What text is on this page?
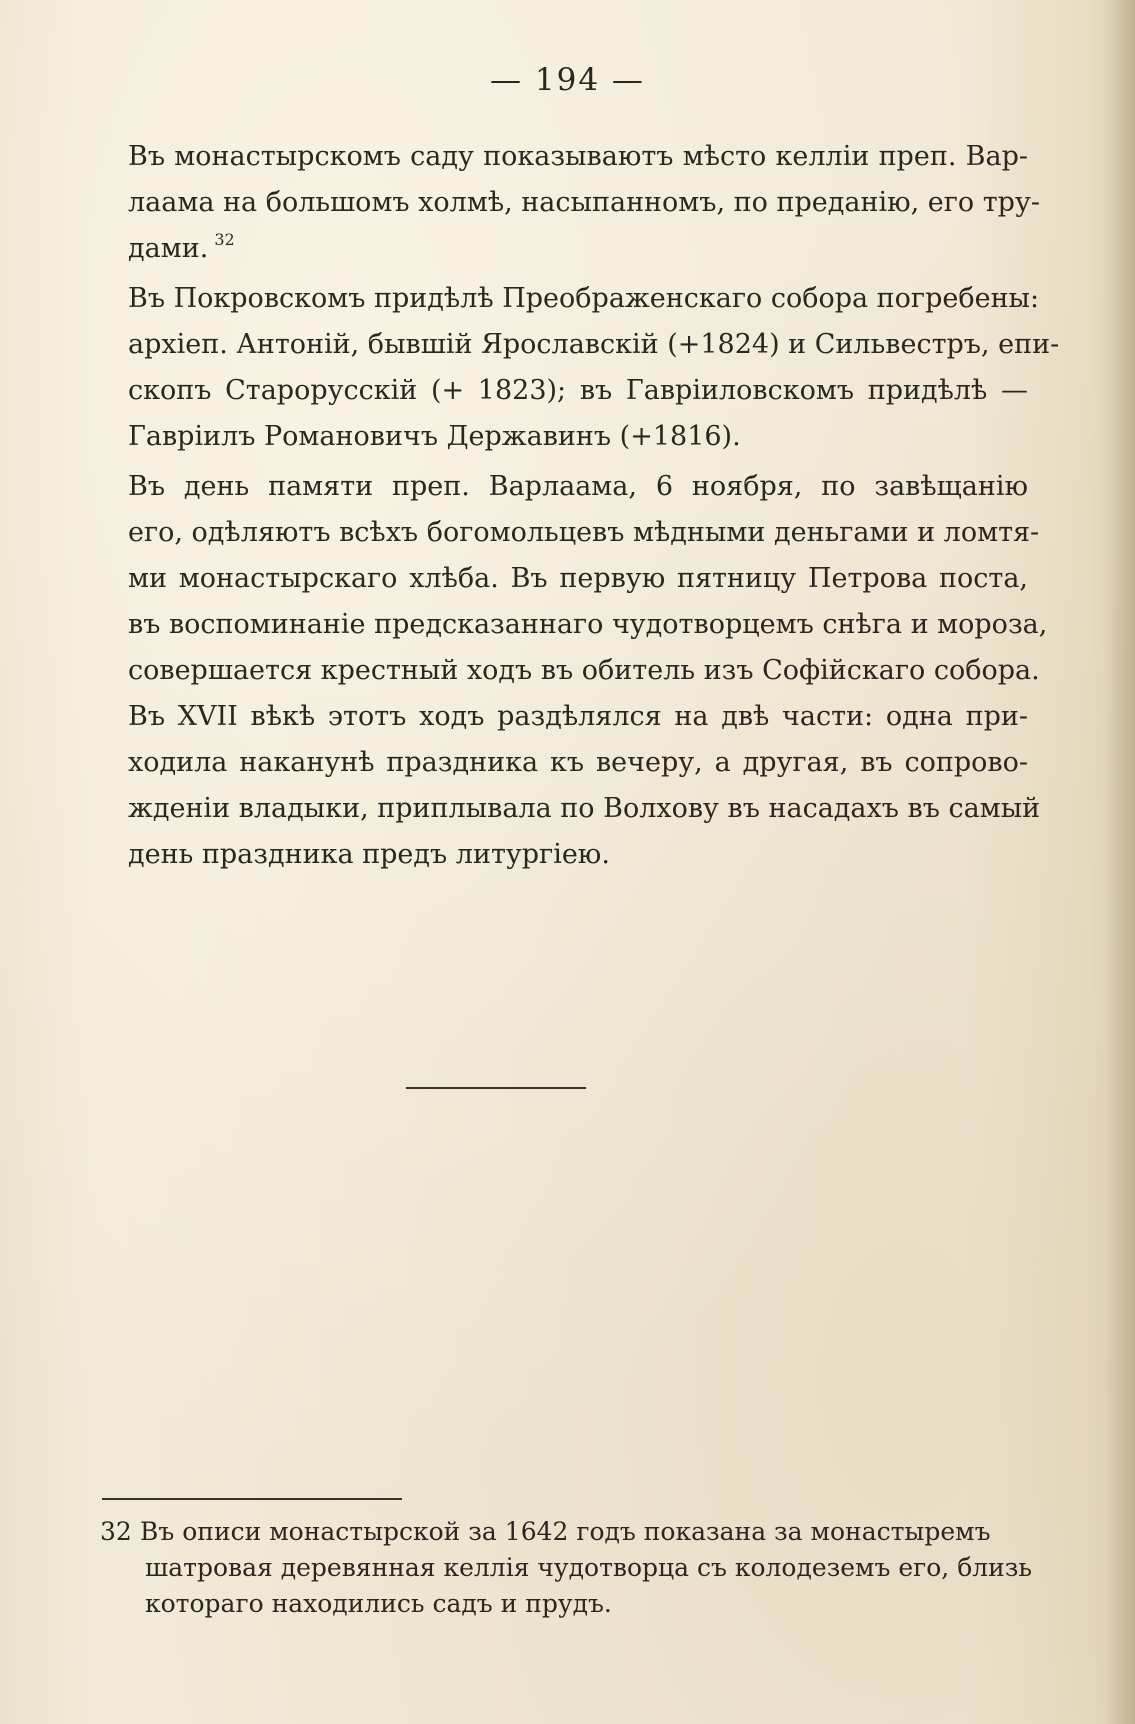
— 194 —

Въ монастырскомъ саду показываютъ мѣсто келліи преп. Вар-
лаама на большомъ холмѣ, насыпанномъ, по преданію, его тру-
дами. $^{32}$

Въ Покровскомъ придѣлѣ Преображенскаго собора погребены:
архіеп. Антоній, бывшій Ярославскій (+1824) и Сильвестръ, епи-
скопъ Старорусскій (+ 1823); въ Гавріиловскомъ придѣлѣ —
Гавріилъ Романовичъ Державинъ (+1816).

Въ день памяти преп. Варлаама, 6 ноября, по завѣщанію
его, одѣляютъ всѣхъ богомольцевъ мѣдными деньгами и ломтя-
ми монастырскаго хлѣба. Въ первую пятницу Петрова поста,
въ воспоминаніе предсказаннаго чудотворцемъ снѣга и мороза,
совершается крестный ходъ въ обитель изъ Софійскаго собора.
Въ XVII вѣкѣ этотъ ходъ раздѣлялся на двѣ части: одна при-
ходила наканунѣ праздника къ вечеру, а другая, въ сопрово-
жденіи владыки, приплывала по Волхову въ насадахъ въ самый
день праздника предъ литургіею.

32 Въ описи монастырской за 1642 годъ показана за монастыремъ
шатровая деревянная келлія чудотворца съ колодеземъ его, близь
котораго находились садъ и прудъ.
